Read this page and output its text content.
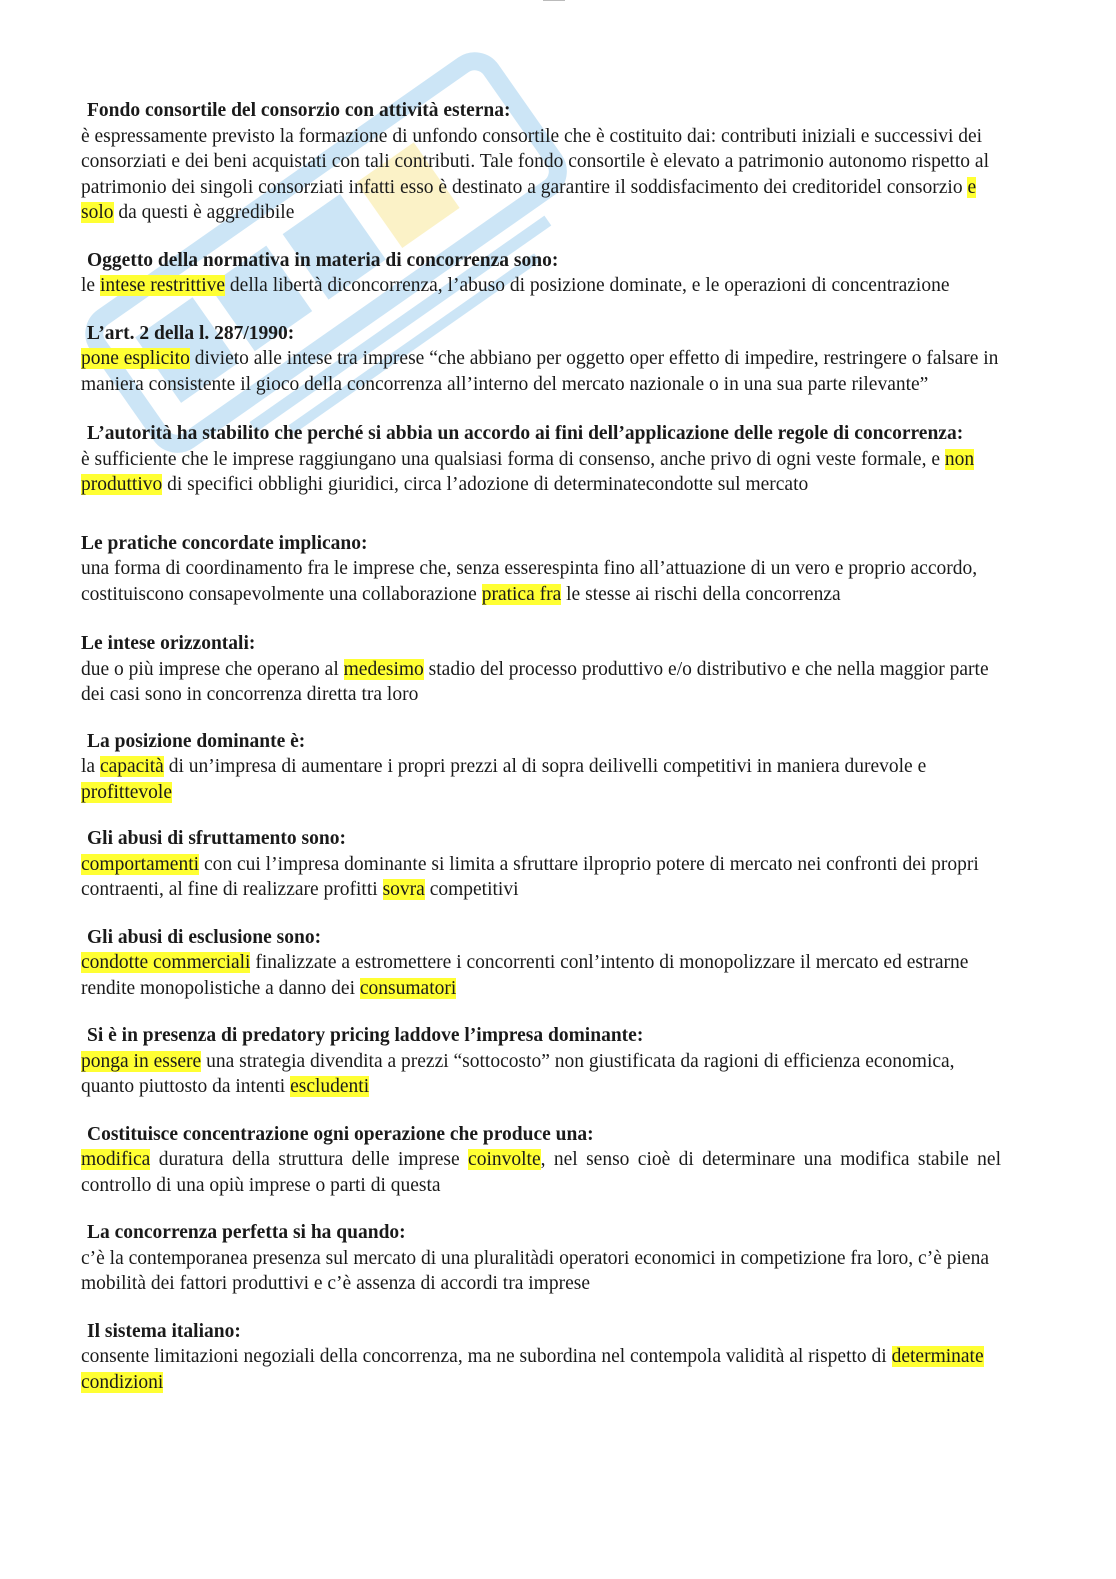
Fondo consortile del consorzio con attività esterna:

è espressamente previsto la formazione di unfondo consortile che è costituito dai: contributi iniziali e successivi dei consorziati e dei beni acquistati con tali contributi. Tale fondo consortile è elevato a patrimonio autonomo rispetto al patrimonio dei singoli consorziati infatti esso è destinato a garantire il soddisfacimento dei creditoridel consorzio e solo da questi è aggredibile

Oggetto della normativa in materia di concorrenza sono:

le intese restrittive della libertà diconcorrenza, l’abuso di posizione dominate, e le operazioni di concentrazione

L’art. 2 della l. 287/1990:

pone esplicito divieto alle intese tra imprese “che abbiano per oggetto oper effetto di impedire, restringere o falsare in maniera consistente il gioco della concorrenza all’interno del mercato nazionale o in una sua parte rilevante”

L’autorità ha stabilito che perché si abbia un accordo ai fini dell’applicazione delle regole di concorrenza:

è sufficiente che le imprese raggiungano una qualsiasi forma di consenso, anche privo di ogni veste formale, e non produttivo di specifici obblighi giuridici, circa l’adozione di determinatecondotte sul mercato

Le pratiche concordate implicano:

una forma di coordinamento fra le imprese che, senza esserespinta fino all’attuazione di un vero e proprio accordo, costituiscono consapevolmente una collaborazione pratica fra le stesse ai rischi della concorrenza

Le intese orizzontali:

due o più imprese che operano al medesimo stadio del processo produttivo e/o distributivo e che nella maggior parte dei casi sono in concorrenza diretta tra loro

La posizione dominante è:

la capacità di un’impresa di aumentare i propri prezzi al di sopra deilivelli competitivi in maniera durevole e profittevole

Gli abusi di sfruttamento sono:

comportamenti con cui l’impresa dominante si limita a sfruttare ilproprio potere di mercato nei confronti dei propri contraenti, al fine di realizzare profitti sovra competitivi

Gli abusi di esclusione sono:

condotte commerciali finalizzate a estromettere i concorrenti conl’intento di monopolizzare il mercato ed estrarne rendite monopolistiche a danno dei consumatori

Si è in presenza di predatory pricing laddove l’impresa dominante:

ponga in essere una strategia divendita a prezzi “sottocosto” non giustificata da ragioni di efficienza economica, quanto piuttosto da intenti escludenti

Costituisce concentrazione ogni operazione che produce una:

modifica duratura della struttura delle imprese coinvolte, nel senso cioè di determinare una modifica stabile nel controllo di una opiù imprese o parti di questa

La concorrenza perfetta si ha quando:

c’è la contemporanea presenza sul mercato di una pluralitàdi operatori economici in competizione fra loro, c’è piena mobilità dei fattori produttivi e c’è assenza di accordi tra imprese

Il sistema italiano:

consente limitazioni negoziali della concorrenza, ma ne subordina nel contempola validità al rispetto di determinate condizioni
